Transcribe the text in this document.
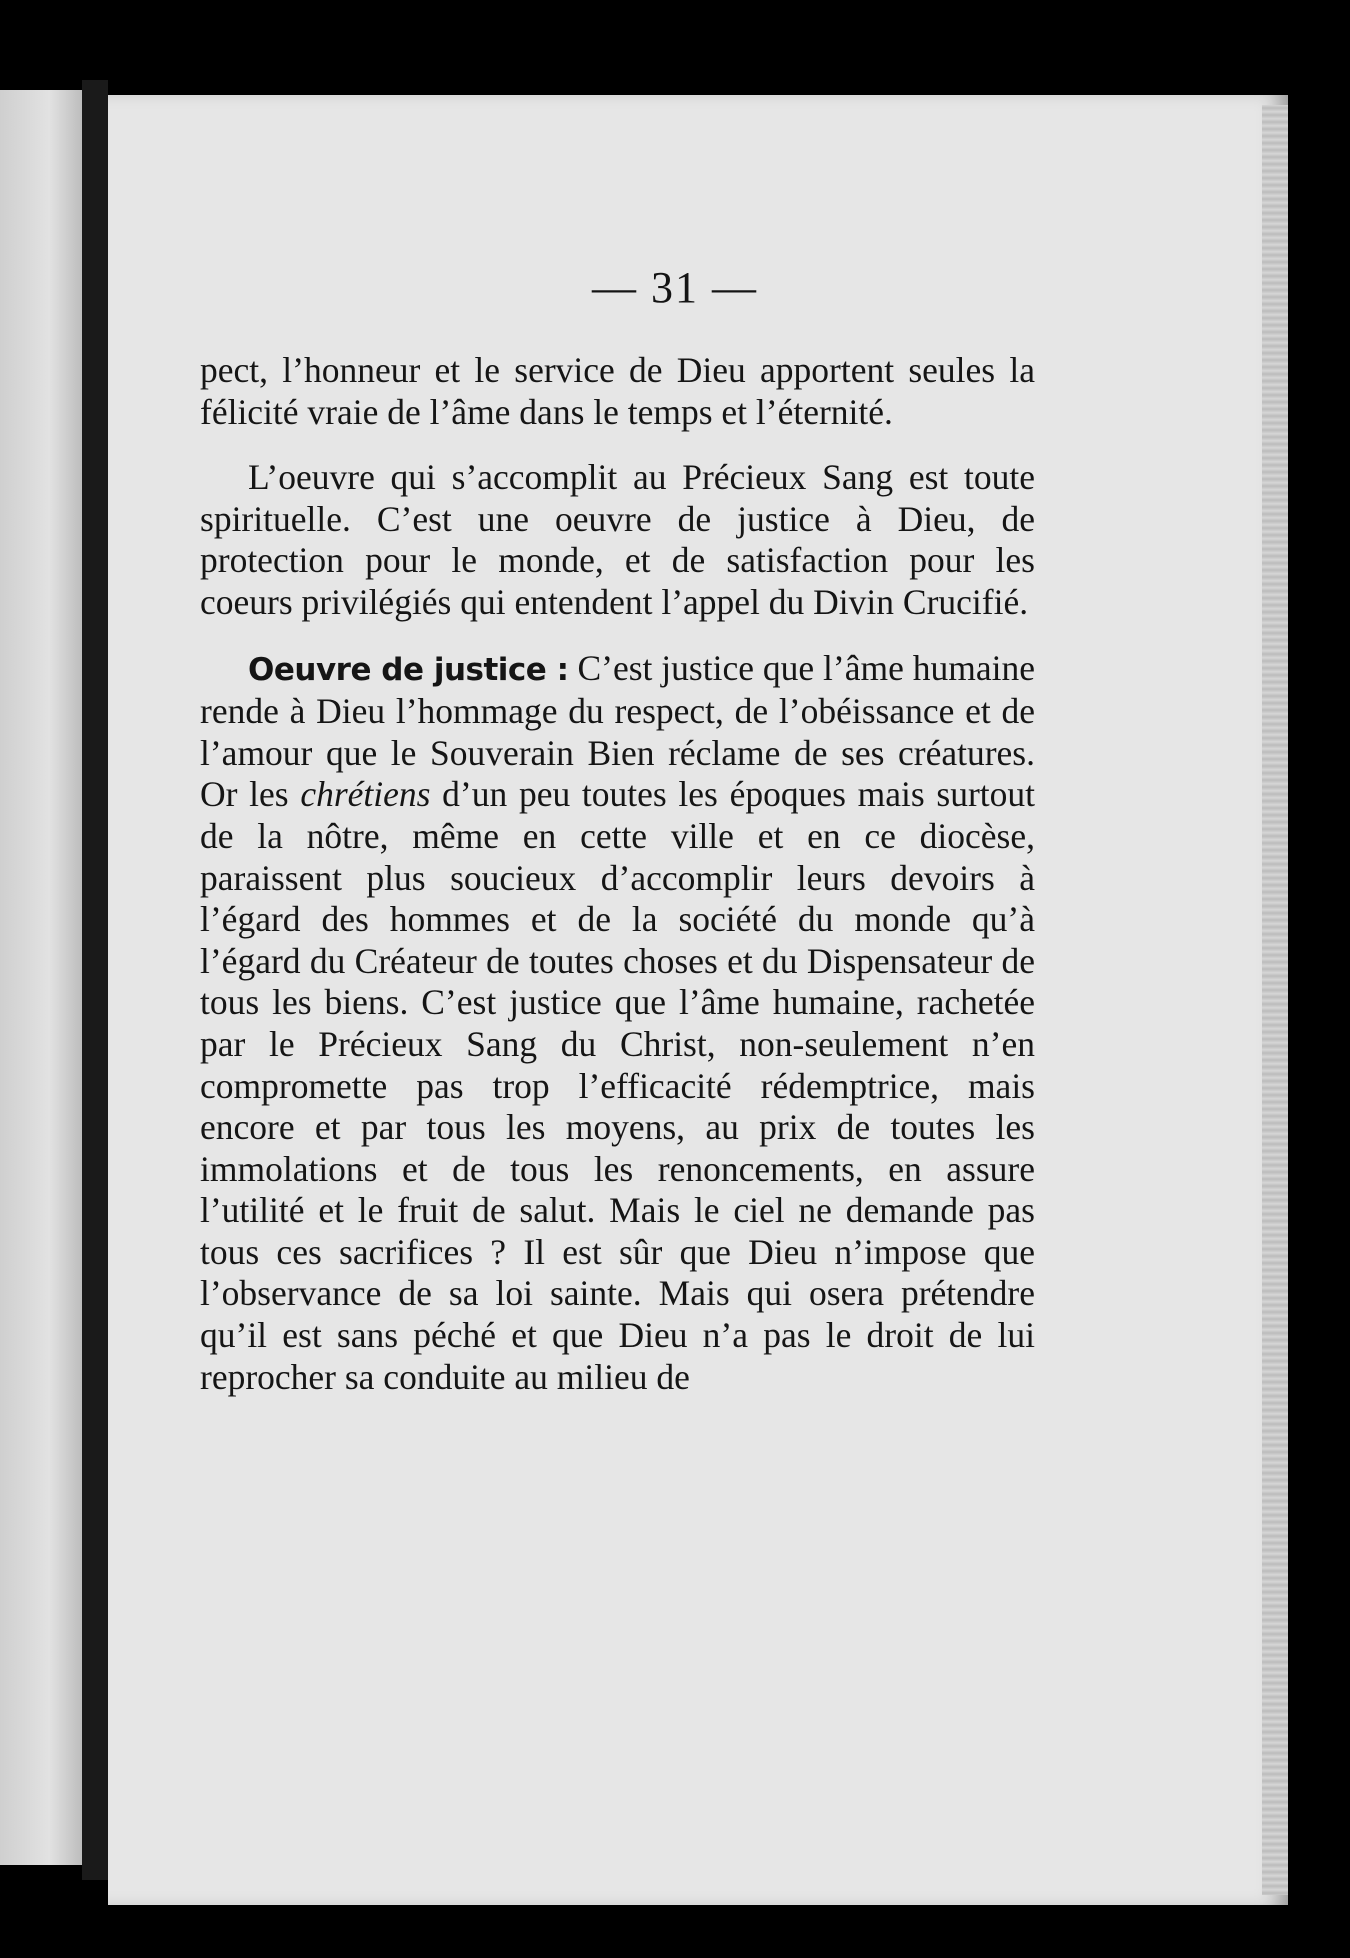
— 31 —

pect, l’honneur et le service de Dieu apportent seules la félicité vraie de l’âme dans le temps et l’éternité.

L’oeuvre qui s’accomplit au Précieux Sang est toute spirituelle. C’est une oeuvre de justice à Dieu, de protection pour le monde, et de satisfaction pour les coeurs privilégiés qui entendent l’appel du Divin Crucifié.

Oeuvre de justice : C’est justice que l’âme humaine rende à Dieu l’hommage du respect, de l’obéissance et de l’amour que le Souverain Bien réclame de ses créatures. Or les chrétiens d’un peu toutes les époques mais surtout de la nôtre, même en cette ville et en ce diocèse, paraissent plus soucieux d’accomplir leurs devoirs à l’égard des hommes et de la société du monde qu’à l’égard du Créateur de toutes choses et du Dispensateur de tous les biens. C’est justice que l’âme humaine, rachetée par le Précieux Sang du Christ, non-seulement n’en compromette pas trop l’efficacité rédemptrice, mais encore et par tous les moyens, au prix de toutes les immolations et de tous les renoncements, en assure l’utilité et le fruit de salut. Mais le ciel ne demande pas tous ces sacrifices ? Il est sûr que Dieu n’impose que l’observance de sa loi sainte. Mais qui osera prétendre qu’il est sans péché et que Dieu n’a pas le droit de lui reprocher sa conduite au milieu de
